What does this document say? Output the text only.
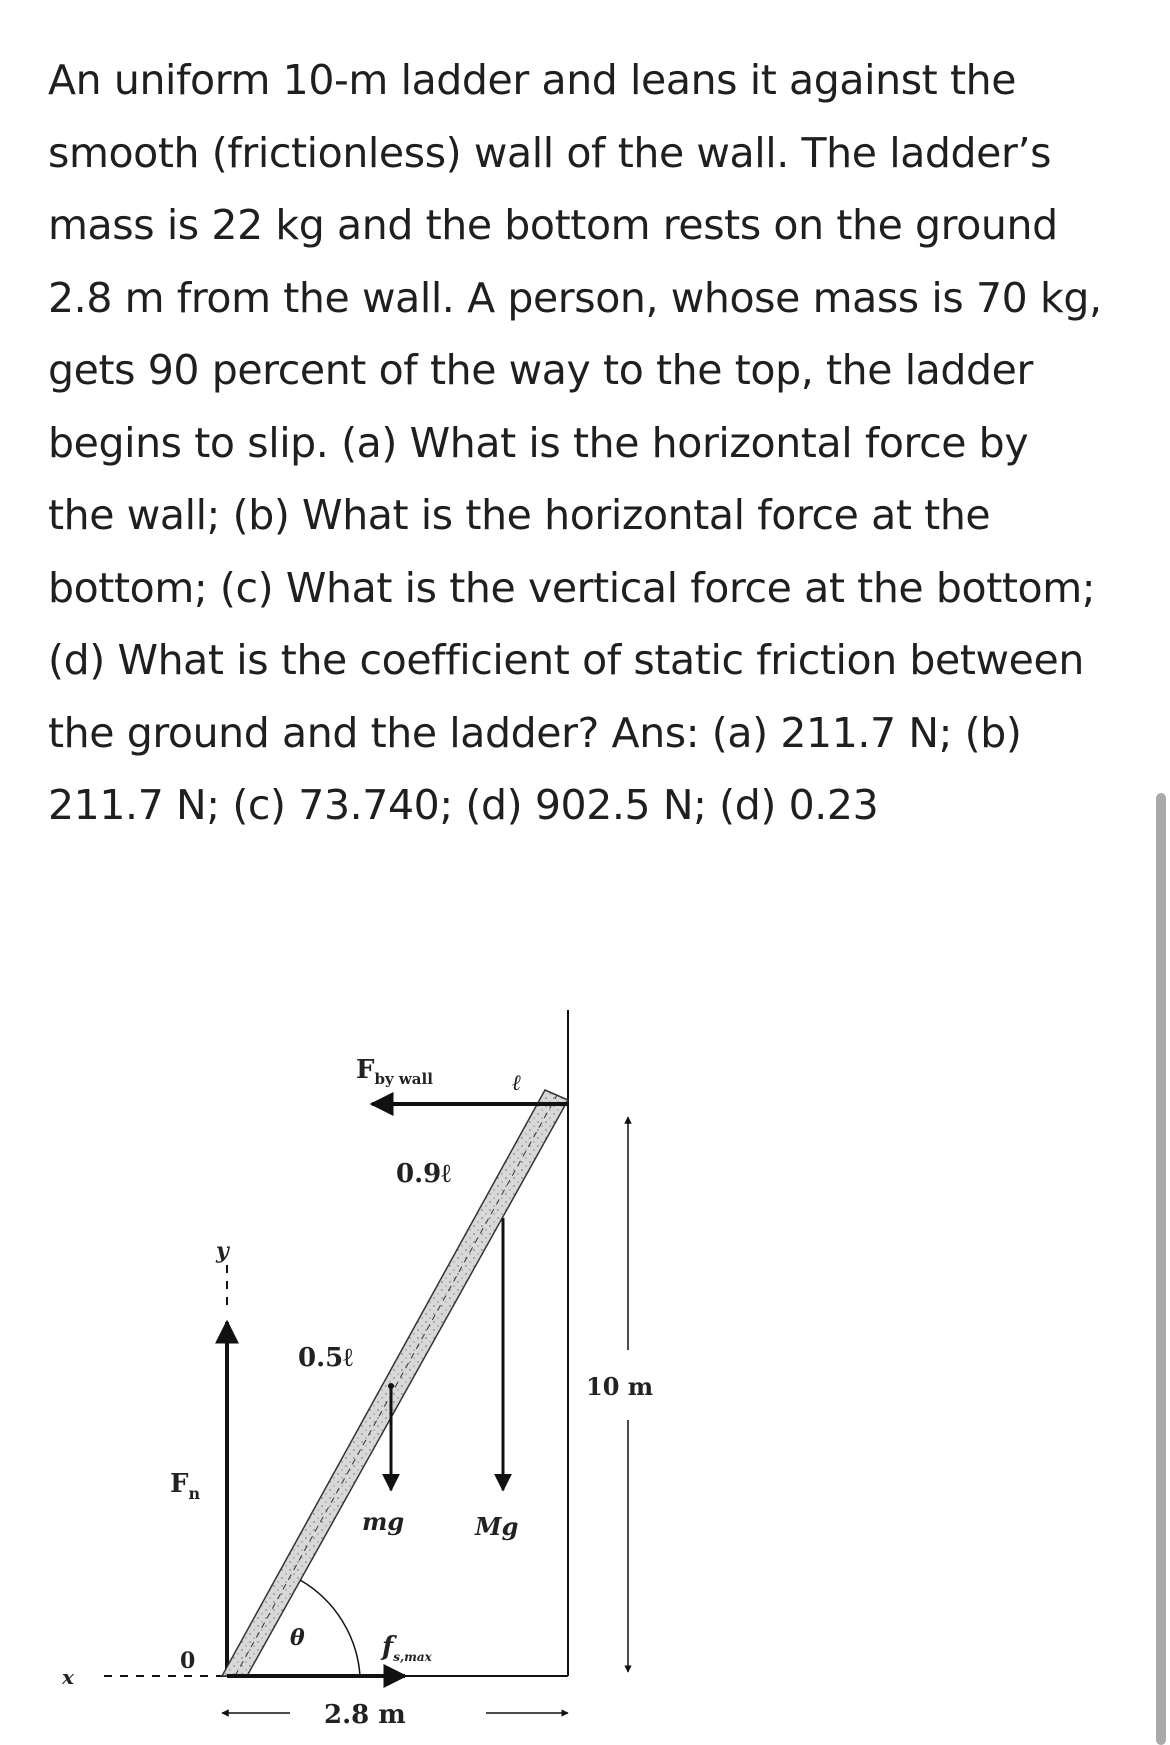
An uniform 10-m ladder and leans it against the
smooth (frictionless) wall of the wall. The ladder’s
mass is 22 kg and the bottom rests on the ground
2.8 m from the wall. A person, whose mass is 70 kg,
gets 90 percent of the way to the top, the ladder
begins to slip. (a) What is the horizontal force by
the wall; (b) What is the horizontal force at the
bottom; (c) What is the vertical force at the bottom;
(d) What is the coefficient of static friction between
the ground and the ladder? Ans: (a) 211.7 N; (b)
211.7 N; (c) 73.740; (d) 902.5 N; (d) 0.23
x
y
$F_n$
0
θ
$F_{by wall}$	ℓ
0.9ℓ
Mg
0.5ℓ
mg
$f_{s,max}$
2.8 m
10 m
